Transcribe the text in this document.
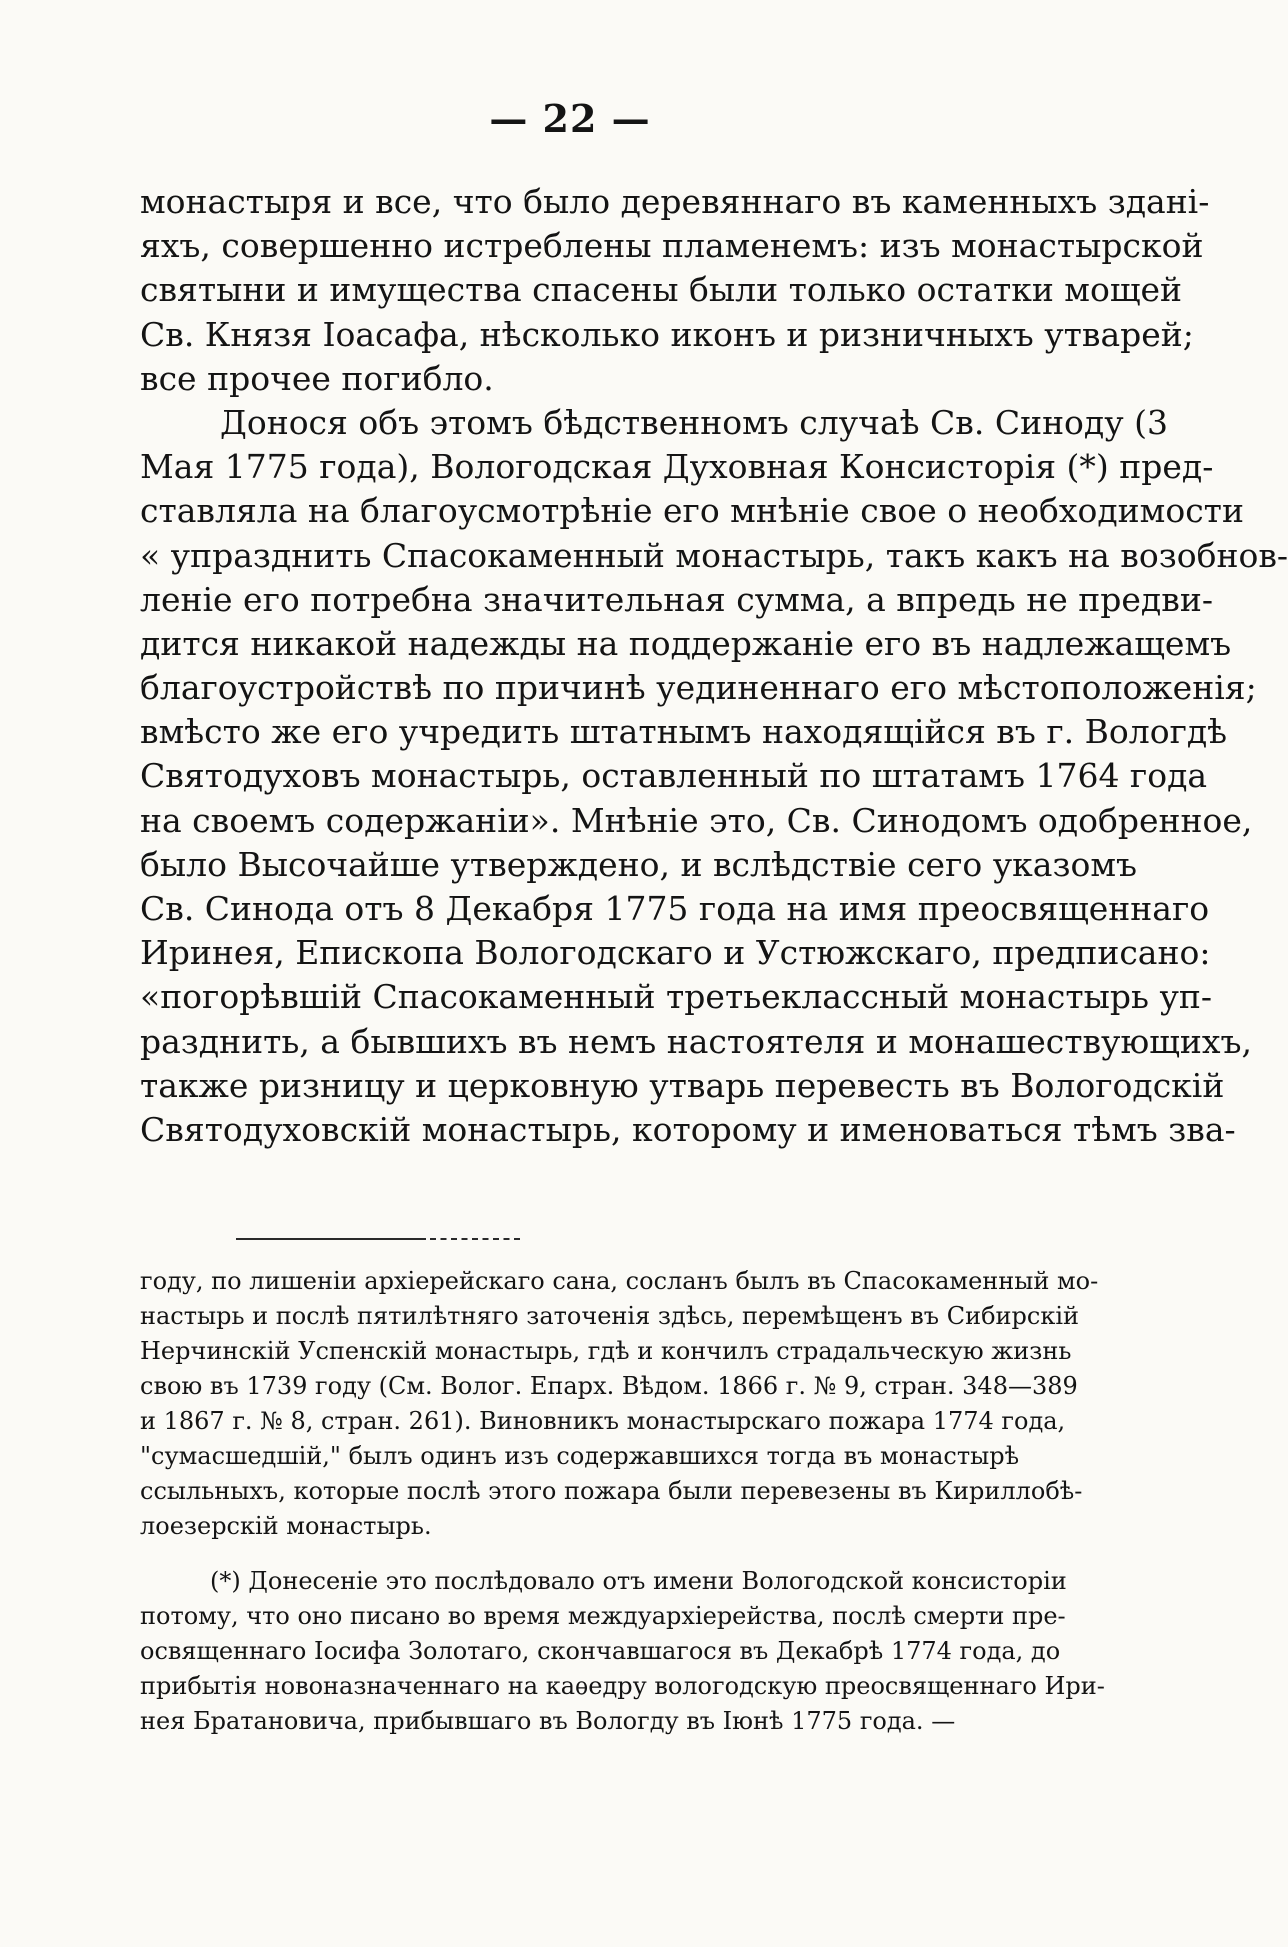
— 22 —
монастыря и все, что было деревяннаго въ каменныхъ здані-
яхъ, совершенно истреблены пламенемъ: изъ монастырской
святыни и имущества спасены были только остатки мощей
Св. Князя Іоасафа, нѣсколько иконъ и ризничныхъ утварей;
все прочее погибло.
Донося объ этомъ бѣдственномъ случаѣ Св. Синоду (3
Мая 1775 года), Вологодская Духовная Консисторія (*) пред-
ставляла на благоусмотрѣніе его мнѣніе свое о необходимости
« упразднить Спасокаменный монастырь, такъ какъ на возобнов-
леніе его потребна значительная сумма, а впредь не предви-
дится никакой надежды на поддержаніе его въ надлежащемъ
благоустройствѣ по причинѣ уединеннаго его мѣстоположенія;
вмѣсто же его учредить штатнымъ находящійся въ г. Вологдѣ
Святодуховъ монастырь, оставленный по штатамъ 1764 года
на своемъ содержаніи». Мнѣніе это, Св. Синодомъ одобренное,
было Высочайше утверждено, и вслѣдствіе сего указомъ
Св. Синода отъ 8 Декабря 1775 года на имя преосвященнаго
Иринея, Епископа Вологодскаго и Устюжскаго, предписано:
«погорѣвшій Спасокаменный третьеклассный монастырь уп-
разднить, а бывшихъ въ немъ настоятеля и монашествующихъ,
также ризницу и церковную утварь перевесть въ Вологодскій
Святодуховскій монастырь, которому и именоваться тѣмъ зва-
году, по лишеніи архіерейскаго сана, сосланъ былъ въ Спасокаменный мо-
настырь и послѣ пятилѣтняго заточенія здѣсь, перемѣщенъ въ Сибирскій
Нерчинскій Успенскій монастырь, гдѣ и кончилъ страдальческую жизнь
свою въ 1739 году (См. Волог. Епарх. Вѣдом. 1866 г. № 9, стран. 348—389
и 1867 г. № 8, стран. 261). Виновникъ монастырскаго пожара 1774 года,
"сумасшедшій," былъ одинъ изъ содержавшихся тогда въ монастырѣ
ссыльныхъ, которые послѣ этого пожара были перевезены въ Кириллобѣ-
лоезерскій монастырь.
(*) Донесеніе это послѣдовало отъ имени Вологодской консисторіи
потому, что оно писано во время междуархіерейства, послѣ смерти пре-
освященнаго Іосифа Золотаго, скончавшагося въ Декабрѣ 1774 года, до
прибытія новоназначеннаго на каѳедру вологодскую преосвященнаго Ири-
нея Братановича, прибывшаго въ Вологду въ Іюнѣ 1775 года. —
